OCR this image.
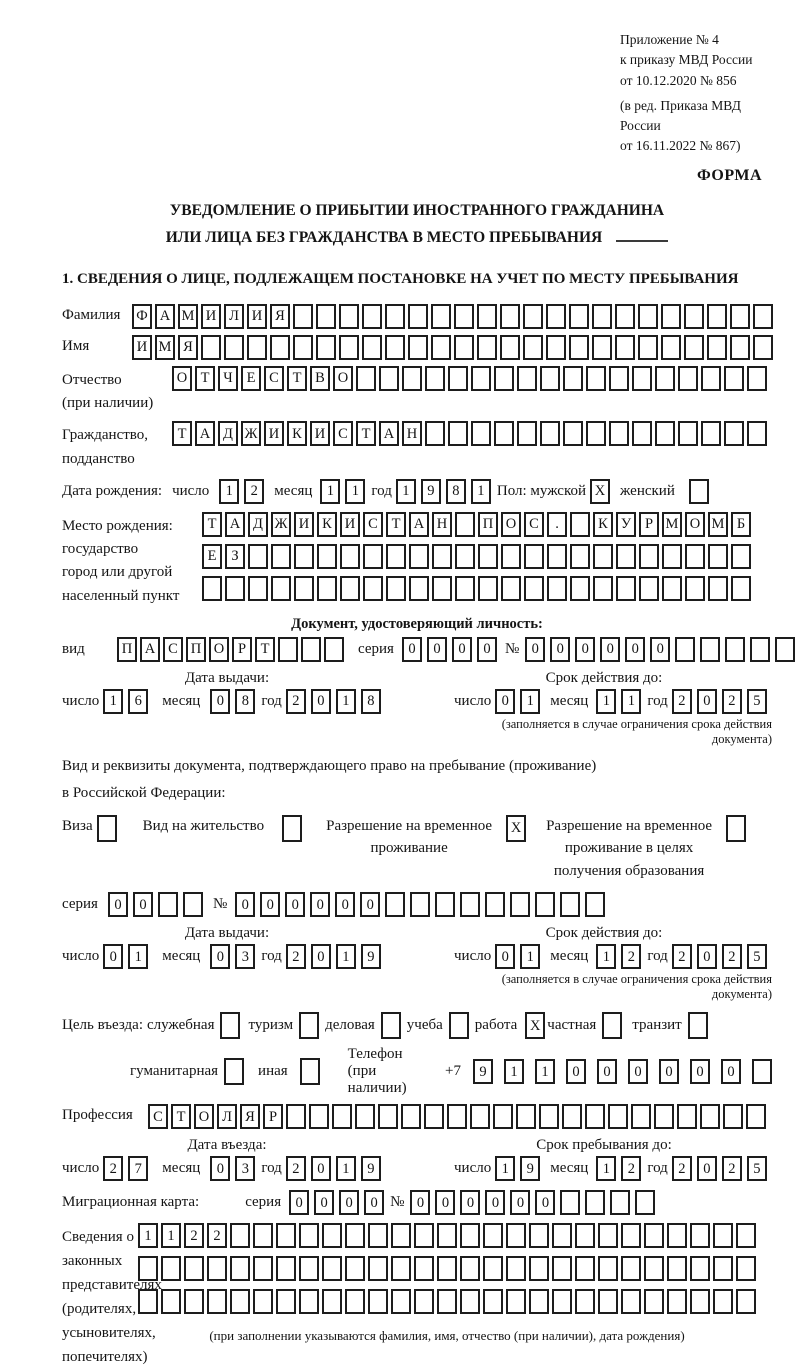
Приложение № 4
к приказу МВД России
от 10.12.2020 № 856
(в ред. Приказа МВД России
от 16.11.2022 № 867)
ФОРМА
УВЕДОМЛЕНИЕ О ПРИБЫТИИ ИНОСТРАННОГО ГРАЖДАНИНА
ИЛИ ЛИЦА БЕЗ ГРАЖДАНСТВА В МЕСТО ПРЕБЫВАНИЯ
1. СВЕДЕНИЯ О ЛИЦЕ, ПОДЛЕЖАЩЕМ ПОСТАНОВКЕ НА УЧЕТ ПО МЕСТУ ПРЕБЫВАНИЯ
Фамилия	Ф А М И Л И Я
Имя	И М Я
Отчество
(при наличии)
О Т Ч Е С Т В О
Гражданство,
подданство
Т А Д Ж И К И С Т А Н
Дата рождения: число	1	2	месяц 1	1 год 1	9	8	1 Пол: мужской X женский
Место рождения:
государство
город или другой
населенный пункт
Т А Д Ж И К И С Т А Н	П О С	.	К У Р М О М Б
Е	З
Документ, удостоверяющий личность:
вид	П А С П О Р	Т	серия 0	0	0	0 № 0	0	0	0	0	0
Дата выдачи:
число 1	6	месяц	0	8 год 2	0	1	8
Срок действия до:
число 0	1	месяц 1	1 год 2	0	2	5
(заполняется в случае ограничения срока действия документа)
Вид и реквизиты документа, подтверждающего право на пребывание (проживание)
в Российской Федерации:
Виза	Вид на жительство	Разрешение на временное
проживание
X	Разрешение на временное
проживание в целях
получения образования
серия	0	0	№ 0	0	0	0	0	0
Дата выдачи:
число 0	1	месяц	0	3 год 2	0	1	9
Срок действия до:
число 0	1	месяц 1	2 год 2	0	2	5
(заполняется в случае ограничения срока действия документа)
Цель въезда: служебная туризм деловая учеба работа X частная транзит
гуманитарная	иная
Телефон (при наличии)
+7	9	1	1	0	0	0	0	0	0
Профессия	С Т О Л Я Р
Дата въезда:
число 2	7	месяц	0	3 год 2	0	1	9
Срок пребывания до:
число 1	9	месяц 1	2 год 2	0	2	5
Миграционная карта:	серия 0	0	0	0 № 0	0	0	0	0	0
Сведения о
законных
представителях
(родителях,
усыновителях,
попечителях)
1	1	2	2
(при заполнении указываются фамилия, имя, отчество (при наличии), дата рождения)
